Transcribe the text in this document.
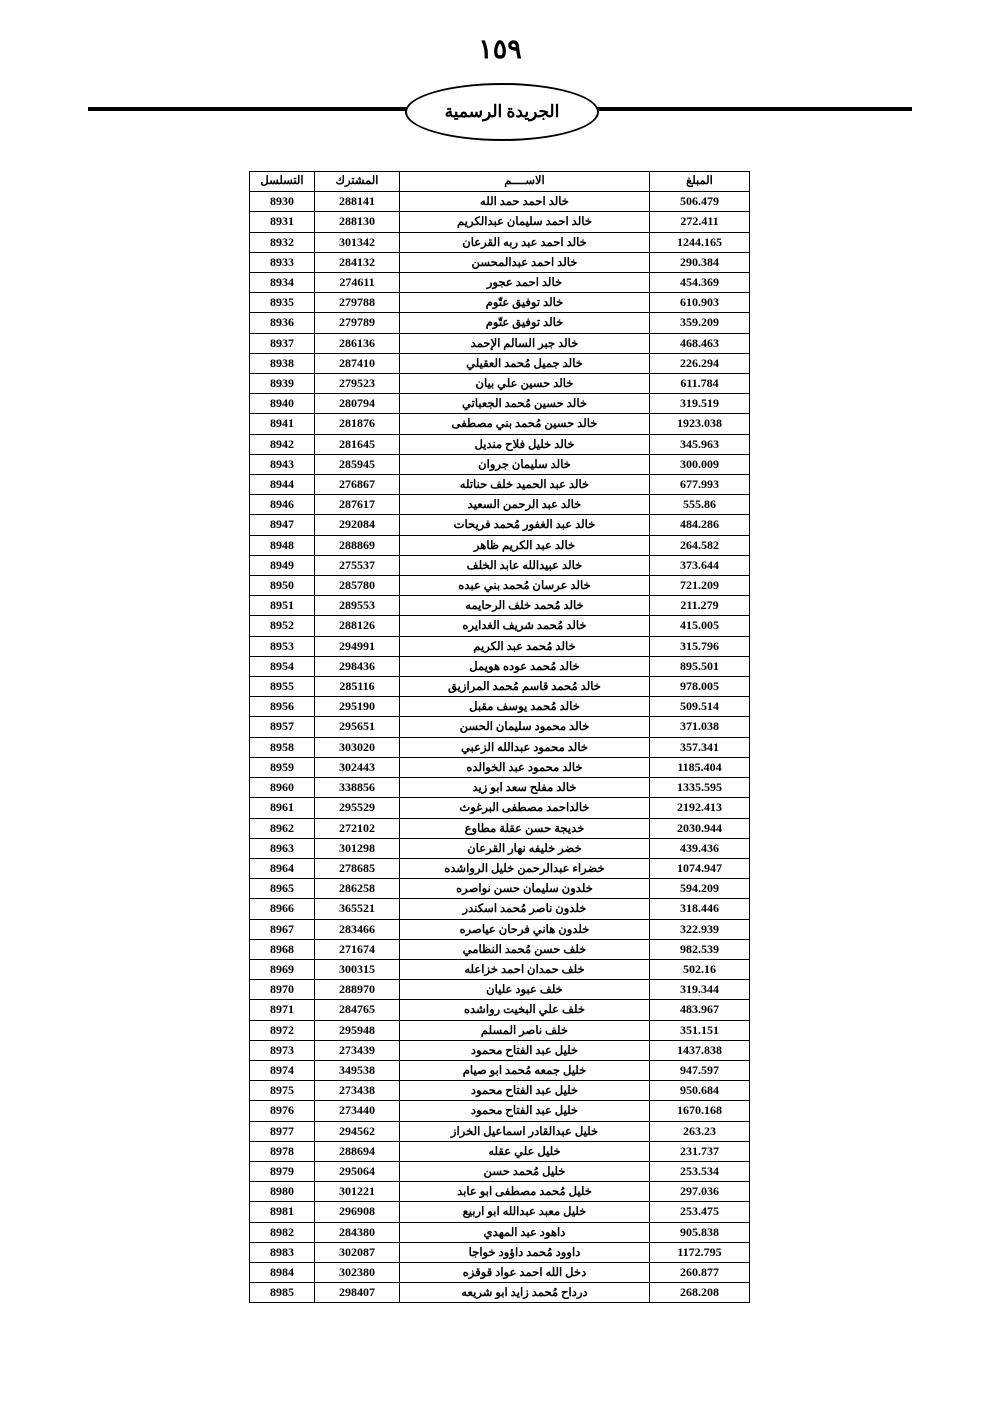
١٥٩
الجريدة الرسمية
المبلغ	الاســــم	المشترك	التسلسل
506.479	خالد احمد حمد الله	288141	8930
272.411	خالد احمد سليمان عبدالكريم	288130	8931
1244.165	خالد احمد عبد ربه القرعان	301342	8932
290.384	خالد احمد عبدالمحسن	284132	8933
454.369	خالد احمد عجور	274611	8934
610.903	خالد توفيق عتّوم	279788	8935
359.209	خالد توفيق عتّوم	279789	8936
468.463	خالد جبر السالم الإحمد	286136	8937
226.294	خالد جميل مُحمد العقيلي	287410	8938
611.784	خالد حسين علي بيان	279523	8939
319.519	خالد حسين مُحمد الجعباتي	280794	8940
1923.038	خالد حسين مُحمد بني مصطفى	281876	8941
345.963	خالد خليل فلاح منديل	281645	8942
300.009	خالد سليمان جروان	285945	8943
677.993	خالد عبد الحميد خلف حناتله	276867	8944
555.86	خالد عبد الرحمن السعيد	287617	8946
484.286	خالد عبد الغفور مُحمد فريحات	292084	8947
264.582	خالد عبد الكريم ظاهر	288869	8948
373.644	خالد عبيدالله عابد الخلف	275537	8949
721.209	خالد عرسان مُحمد بني عبده	285780	8950
211.279	خالد مُحمد خلف الرحايمه	289553	8951
415.005	خالد مُحمد شريف الغدايره	288126	8952
315.796	خالد مُحمد عبد الكريم	294991	8953
895.501	خالد مُحمد عوده هويمل	298436	8954
978.005	خالد مُحمد قاسم مُحمد المرازيق	285116	8955
509.514	خالد مُحمد يوسف مقبل	295190	8956
371.038	خالد محمود سليمان الحسن	295651	8957
357.341	خالد محمود عبدالله الزعبي	303020	8958
1185.404	خالد محمود عبد الخوالده	302443	8959
1335.595	خالد مفلح سعد ابو زيد	338856	8960
2192.413	خالداحمد مصطفى البرغوث	295529	8961
2030.944	خديجة حسن عقلة مطاوع	272102	8962
439.436	خضر خليفه نهار القرعان	301298	8963
1074.947	خضراء عبدالرحمن خليل الرواشده	278685	8964
594.209	خلدون سليمان حسن نواصره	286258	8965
318.446	خلدون ناصر مُحمد اسكندر	365521	8966
322.939	خلدون هاني فرحان عياصره	283466	8967
982.539	خلف حسن مُحمد النظامي	271674	8968
502.16	خلف حمدان احمد خزاعله	300315	8969
319.344	خلف عبود عليان	288970	8970
483.967	خلف علي البخيت رواشده	284765	8971
351.151	خلف ناصر المسلم	295948	8972
1437.838	خليل عبد الفتاح محمود	273439	8973
947.597	خليل جمعه مُحمد ابو صيام	349538	8974
950.684	خليل عبد الفتاح محمود	273438	8975
1670.168	خليل عبد الفتاح محمود	273440	8976
263.23	خليل عبدالقادر اسماعيل الخراز	294562	8977
231.737	خليل علي عقله	288694	8978
253.534	خليل مُحمد حسن	295064	8979
297.036	خليل مُحمد مصطفى ابو عابد	301221	8980
253.475	خليل معبد عبدالله ابو اربيع	296908	8981
905.838	داهود عبد المهدي	284380	8982
1172.795	داوود مُحمد داؤود خواجا	302087	8983
260.877	دخل الله احمد عواد قوقزه	302380	8984
268.208	درداح مُحمد زايد ابو شريعه	298407	8985
